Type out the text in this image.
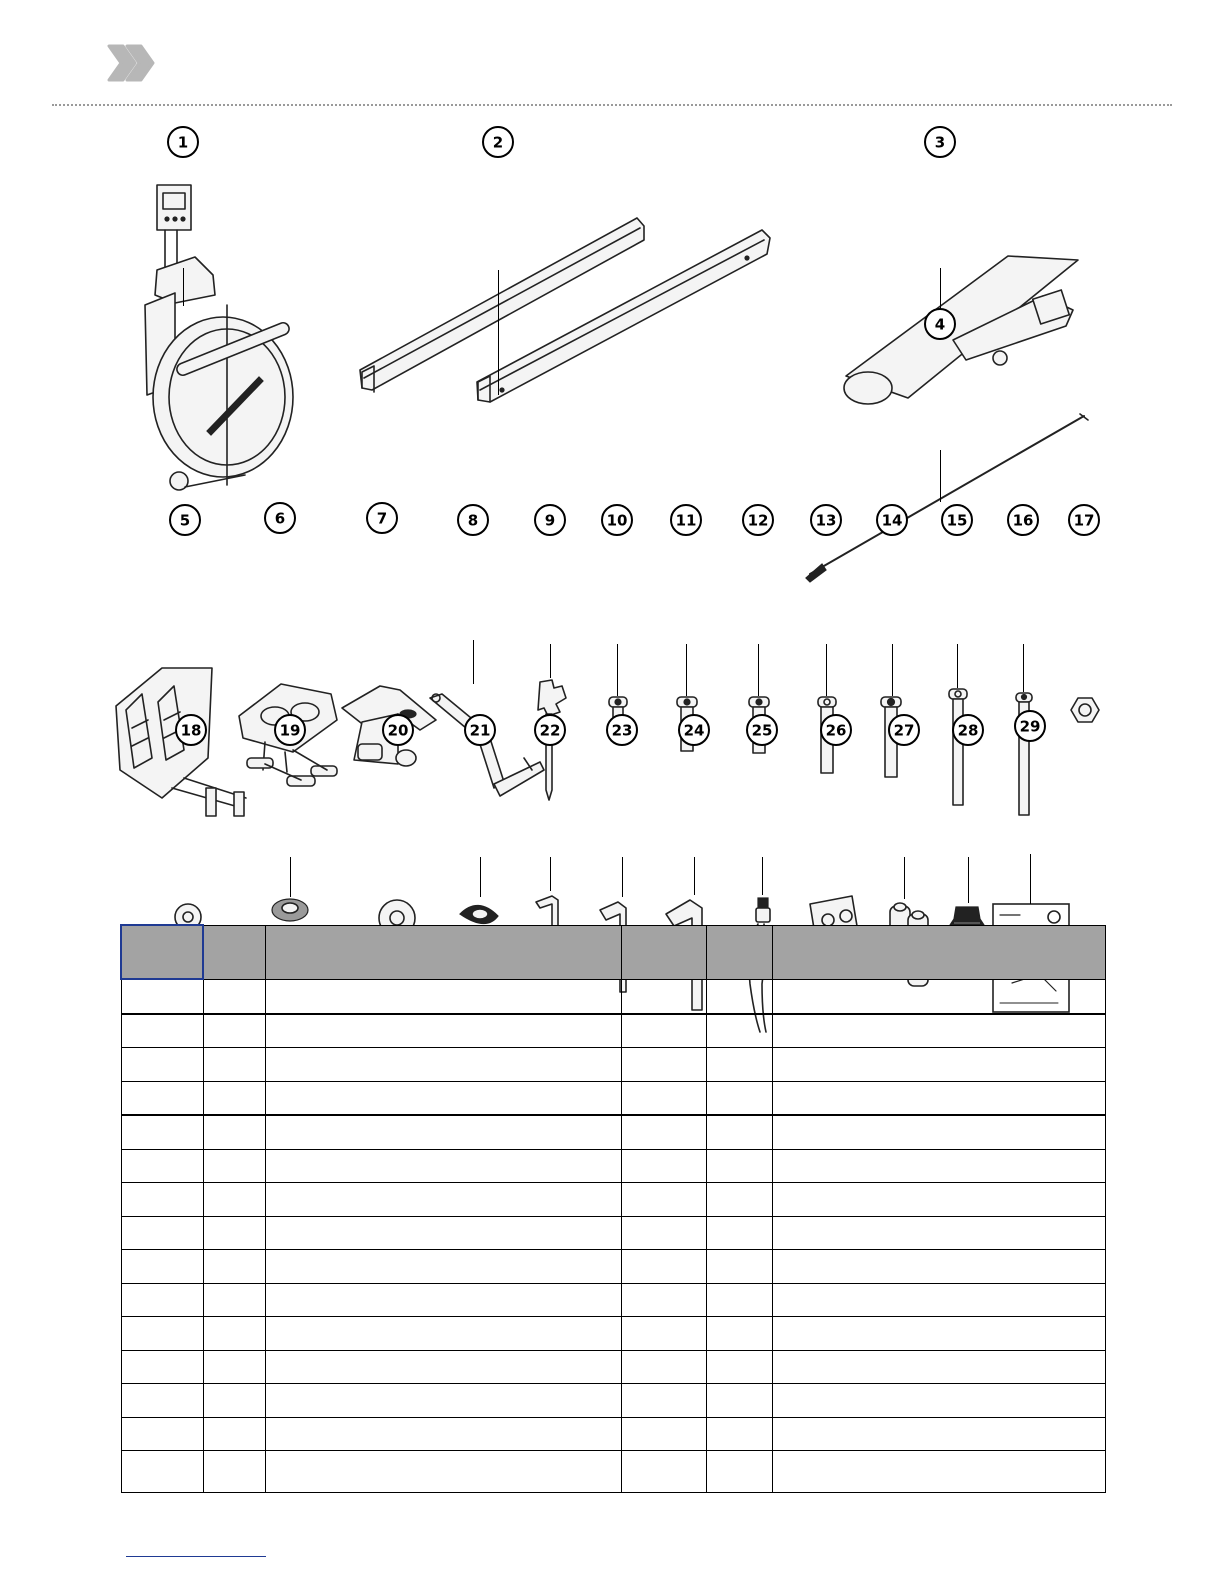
1	2	3
4
5	6	7	8	9	10	11	12	13	14	15	16	17
18	19	20	21	22	23	24	25	26	27	28	29
